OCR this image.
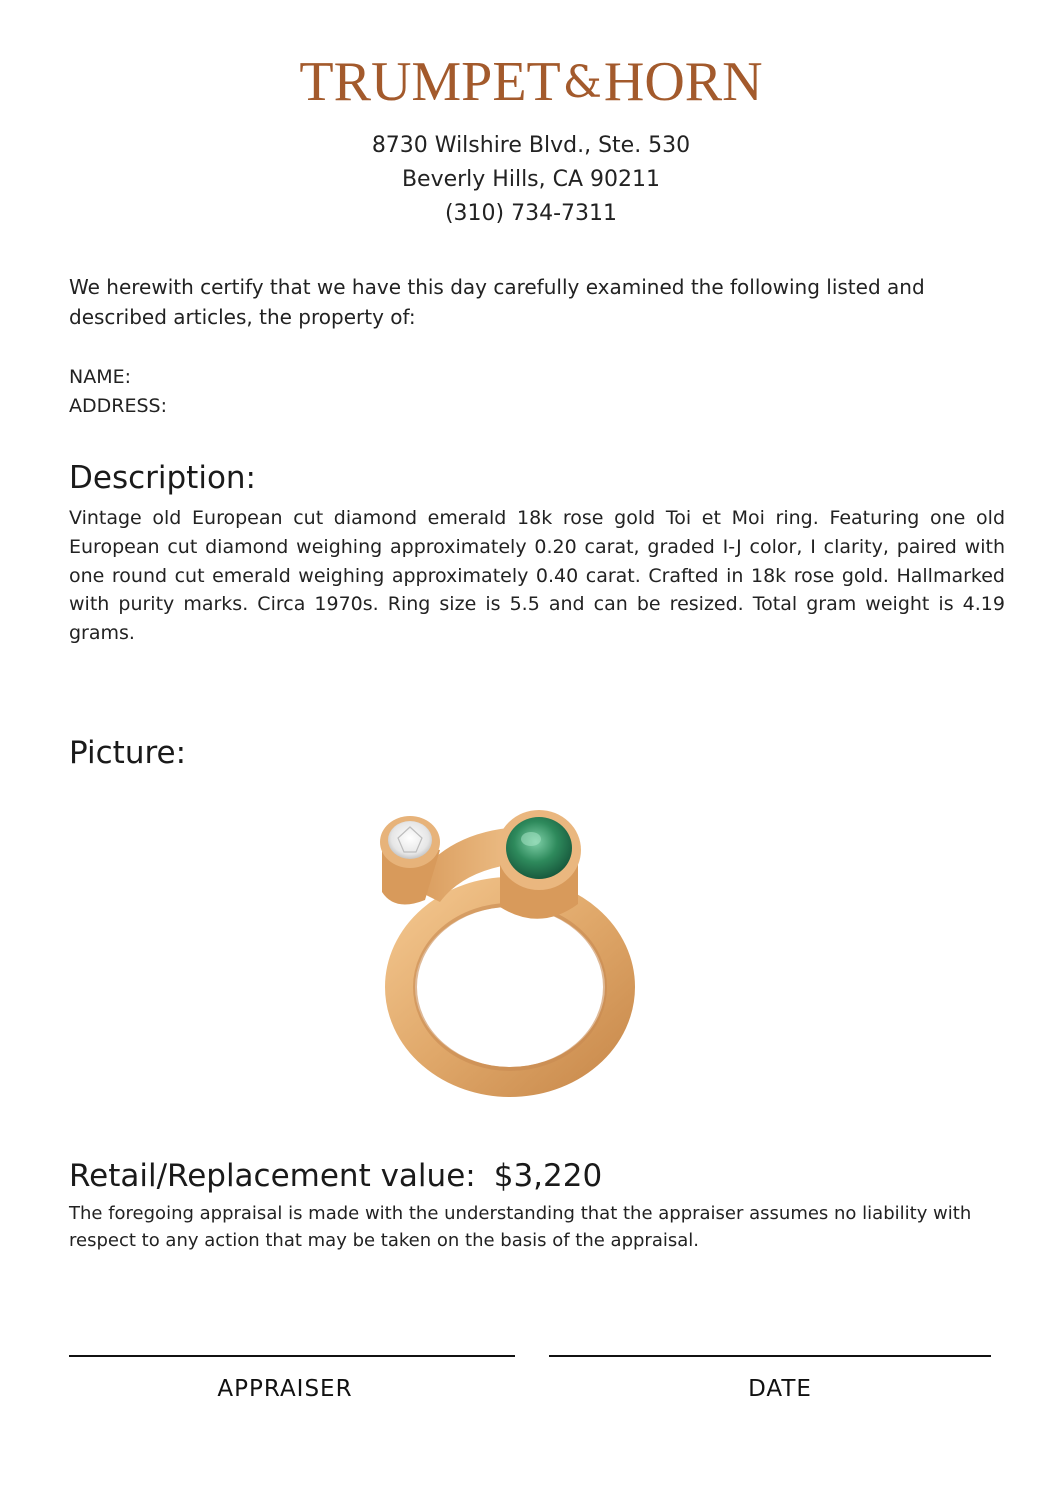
TRUMPET&HORN
8730 Wilshire Blvd., Ste. 530
Beverly Hills, CA 90211
(310) 734-7311
We herewith certify that we have this day carefully examined the following listed and described articles, the property of:
NAME:
ADDRESS:
Description:
Vintage old European cut diamond emerald 18k rose gold Toi et Moi ring. Featuring one old European cut diamond weighing approximately 0.20 carat, graded I-J color, I clarity, paired with one round cut emerald weighing approximately 0.40 carat. Crafted in 18k rose gold. Hallmarked with purity marks. Circa 1970s. Ring size is 5.5 and can be resized. Total gram weight is 4.19 grams.
Picture:
Retail/Replacement value: $3,220
The foregoing appraisal is made with the understanding that the appraiser assumes no liability with respect to any action that may be taken on the basis of the appraisal.
APPRAISER	DATE
